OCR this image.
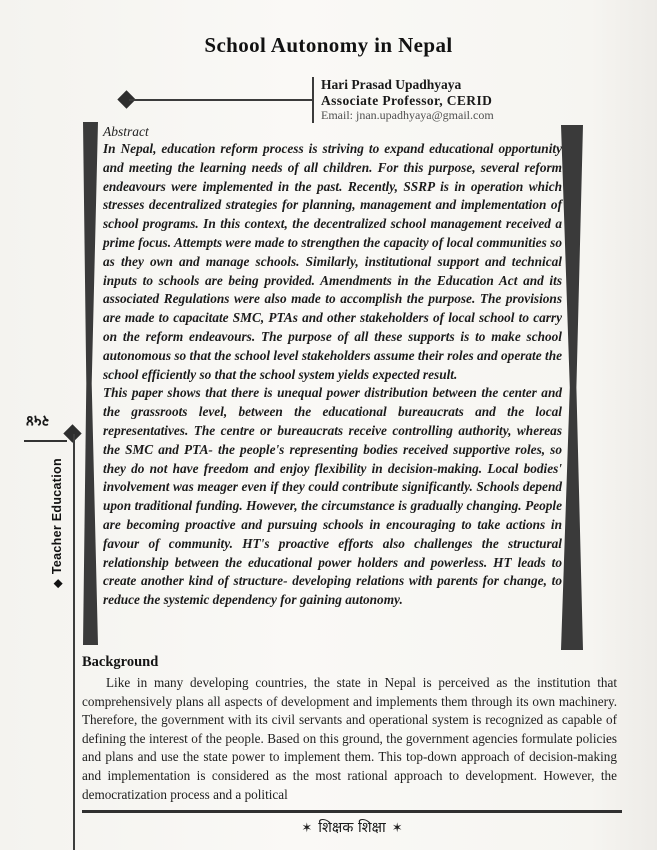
School Autonomy in Nepal
Hari Prasad Upadhyaya
Associate Professor, CERID
Email: jnan.upadhyaya@gmail.com
Abstract

In Nepal, education reform process is striving to expand educational opportunity and meeting the learning needs of all children. For this purpose, several reform endeavours were implemented in the past. Recently, SSRP is in operation which stresses decentralized strategies for planning, management and implementation of school programs. In this context, the decentralized school management received a prime focus. Attempts were made to strengthen the capacity of local communities so as they own and manage schools. Similarly, institutional support and technical inputs to schools are being provided. Amendments in the Education Act and its associated Regulations were also made to accomplish the purpose. The provisions are made to capacitate SMC, PTAs and other stakeholders of local school to carry on the reform endeavours. The purpose of all these supports is to make school autonomous so that the school level stakeholders assume their roles and operate the school efficiently so that the school system yields expected result.

This paper shows that there is unequal power distribution between the center and the grassroots level, between the educational bureaucrats and the local representatives. The centre or bureaucrats receive controlling authority, whereas the SMC and PTA- the people's representing bodies received supportive roles, so they do not have freedom and enjoy flexibility in decision-making. Local bodies' involvement was meager even if they could contribute significantly. Schools depend upon traditional funding. However, the circumstance is gradually changing. People are becoming proactive and pursuing schools in encouraging to take actions in favour of community. HT's proactive efforts also challenges the structural relationship between the educational power holders and powerless. HT leads to create another kind of structure- developing relations with parents for change, to reduce the systemic dependency for gaining autonomy.

Background

Like in many developing countries, the state in Nepal is perceived as the institution that comprehensively plans all aspects of development and implements them through its own machinery. Therefore, the government with its civil servants and operational system is recognized as capable of defining the interest of the people. Based on this ground, the government agencies formulate policies and plans and use the state power to implement them. This top-down approach of decision-making and implementation is considered as the most rational approach to development. However, the democratization process and a political

२५४
◆Teacher Education
✶ शिक्षक शिक्षा ✶
